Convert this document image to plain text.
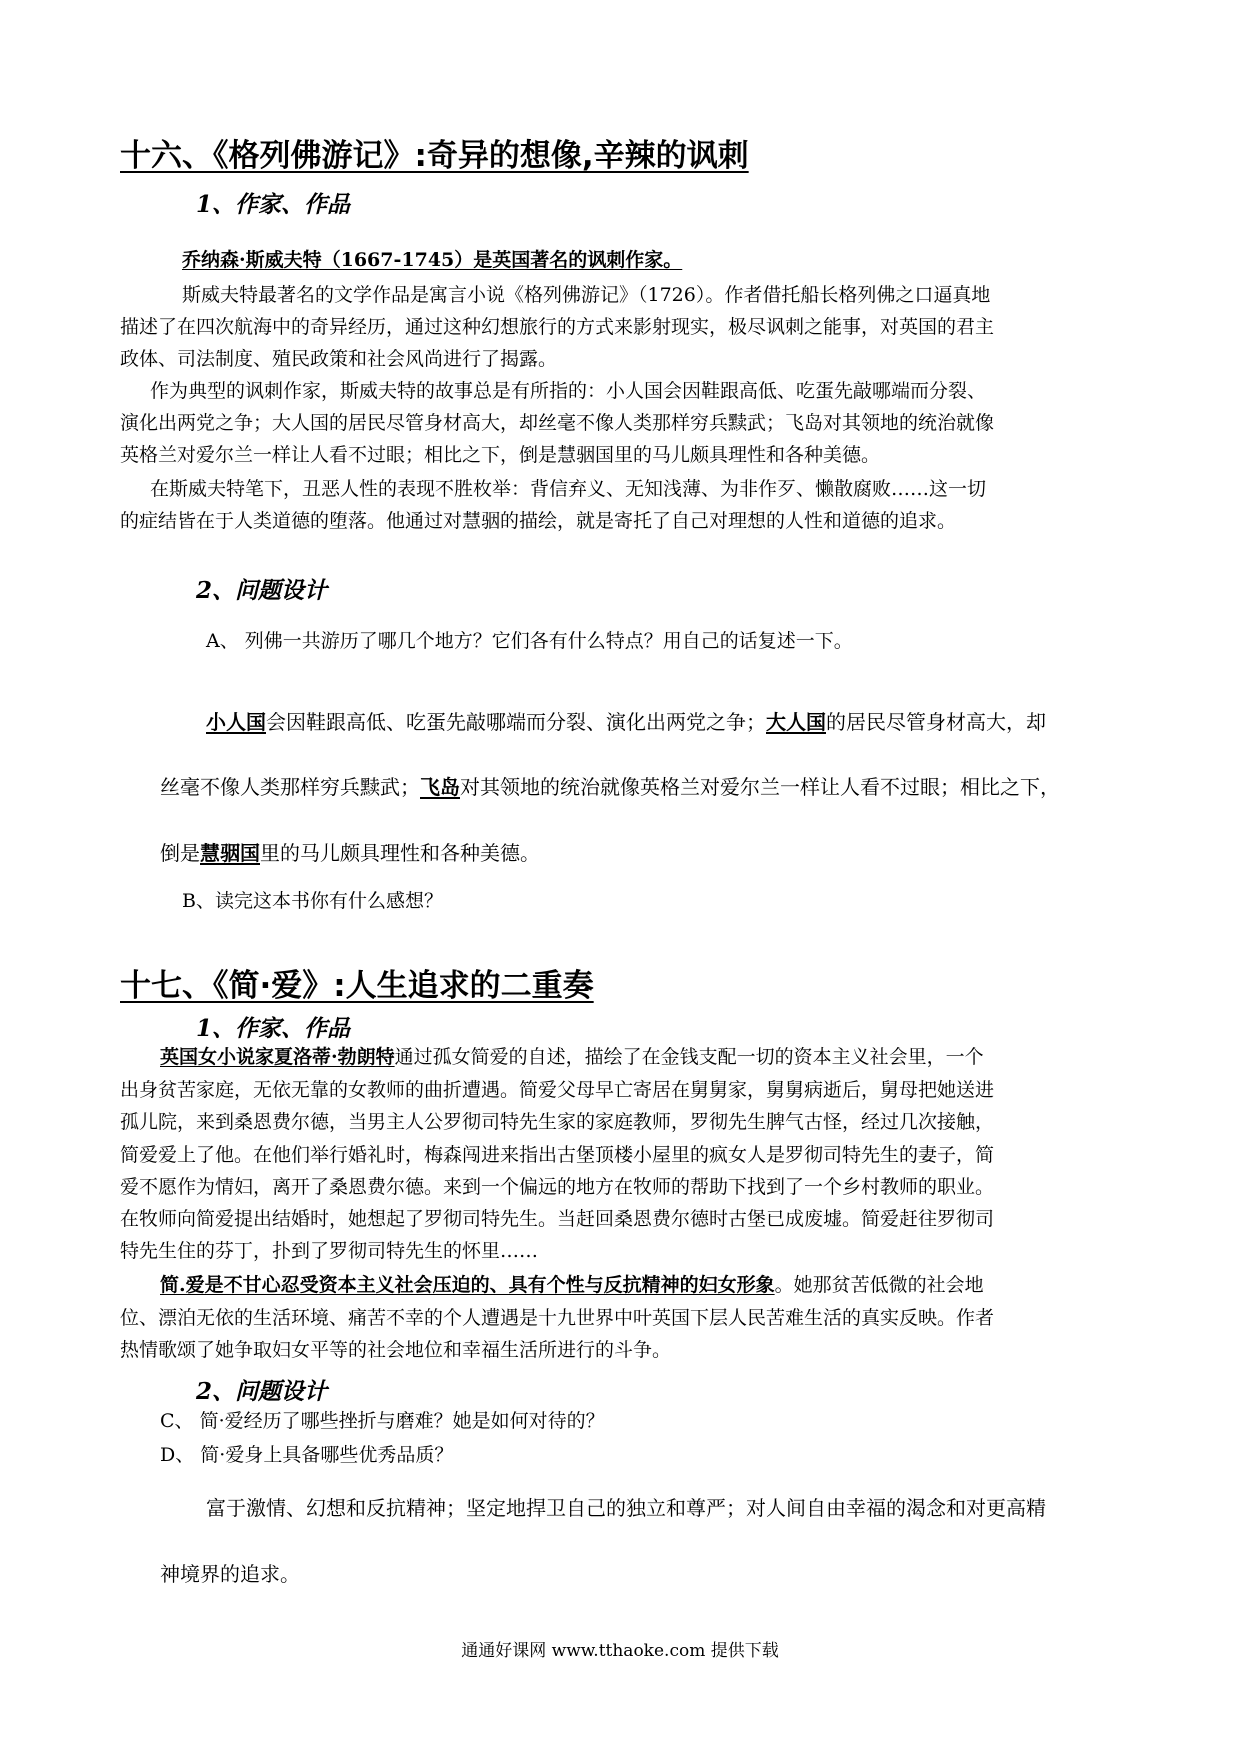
十六、《格列佛游记》:奇异的想像,辛辣的讽刺
1、作家、作品
乔纳森·斯威夫特（1667-1745）是英国著名的讽刺作家。
斯威夫特最著名的文学作品是寓言小说《格列佛游记》（1726）。作者借托船长格列佛之口逼真地
描述了在四次航海中的奇异经历，通过这种幻想旅行的方式来影射现实，极尽讽刺之能事，对英国的君主
政体、司法制度、殖民政策和社会风尚进行了揭露。
作为典型的讽刺作家，斯威夫特的故事总是有所指的：小人国会因鞋跟高低、吃蛋先敲哪端而分裂、
演化出两党之争；大人国的居民尽管身材高大，却丝毫不像人类那样穷兵黩武；飞岛对其领地的统治就像
英格兰对爱尔兰一样让人看不过眼；相比之下，倒是慧骃国里的马儿颇具理性和各种美德。
在斯威夫特笔下，丑恶人性的表现不胜枚举：背信弃义、无知浅薄、为非作歹、懒散腐败……这一切
的症结皆在于人类道德的堕落。他通过对慧骃的描绘，就是寄托了自己对理想的人性和道德的追求。
2、问题设计
A、 列佛一共游历了哪几个地方？它们各有什么特点？用自己的话复述一下。
小人国会因鞋跟高低、吃蛋先敲哪端而分裂、演化出两党之争；大人国的居民尽管身材高大，却
丝毫不像人类那样穷兵黩武；飞岛对其领地的统治就像英格兰对爱尔兰一样让人看不过眼；相比之下，
倒是慧骃国里的马儿颇具理性和各种美德。
B、读完这本书你有什么感想？
十七、《简·爱》:人生追求的二重奏
1、作家、作品
英国女小说家夏洛蒂·勃朗特通过孤女简爱的自述，描绘了在金钱支配一切的资本主义社会里，一个
出身贫苦家庭，无依无靠的女教师的曲折遭遇。简爱父母早亡寄居在舅舅家，舅舅病逝后，舅母把她送进
孤儿院，来到桑恩费尔德，当男主人公罗彻司特先生家的家庭教师，罗彻先生脾气古怪，经过几次接触，
简爱爱上了他。在他们举行婚礼时，梅森闯进来指出古堡顶楼小屋里的疯女人是罗彻司特先生的妻子，简
爱不愿作为情妇，离开了桑恩费尔德。来到一个偏远的地方在牧师的帮助下找到了一个乡村教师的职业。
在牧师向简爱提出结婚时，她想起了罗彻司特先生。当赶回桑恩费尔德时古堡已成废墟。简爱赶往罗彻司
特先生住的芬丁，扑到了罗彻司特先生的怀里……
简.爱是不甘心忍受资本主义社会压迫的、具有个性与反抗精神的妇女形象。她那贫苦低微的社会地
位、漂泊无依的生活环境、痛苦不幸的个人遭遇是十九世界中叶英国下层人民苦难生活的真实反映。作者
热情歌颂了她争取妇女平等的社会地位和幸福生活所进行的斗争。
2、问题设计
C、 简·爱经历了哪些挫折与磨难？她是如何对待的？
D、 简·爱身上具备哪些优秀品质？
富于激情、幻想和反抗精神；坚定地捍卫自己的独立和尊严；对人间自由幸福的渴念和对更高精
神境界的追求。
通通好课网 www.tthaoke.com 提供下载
